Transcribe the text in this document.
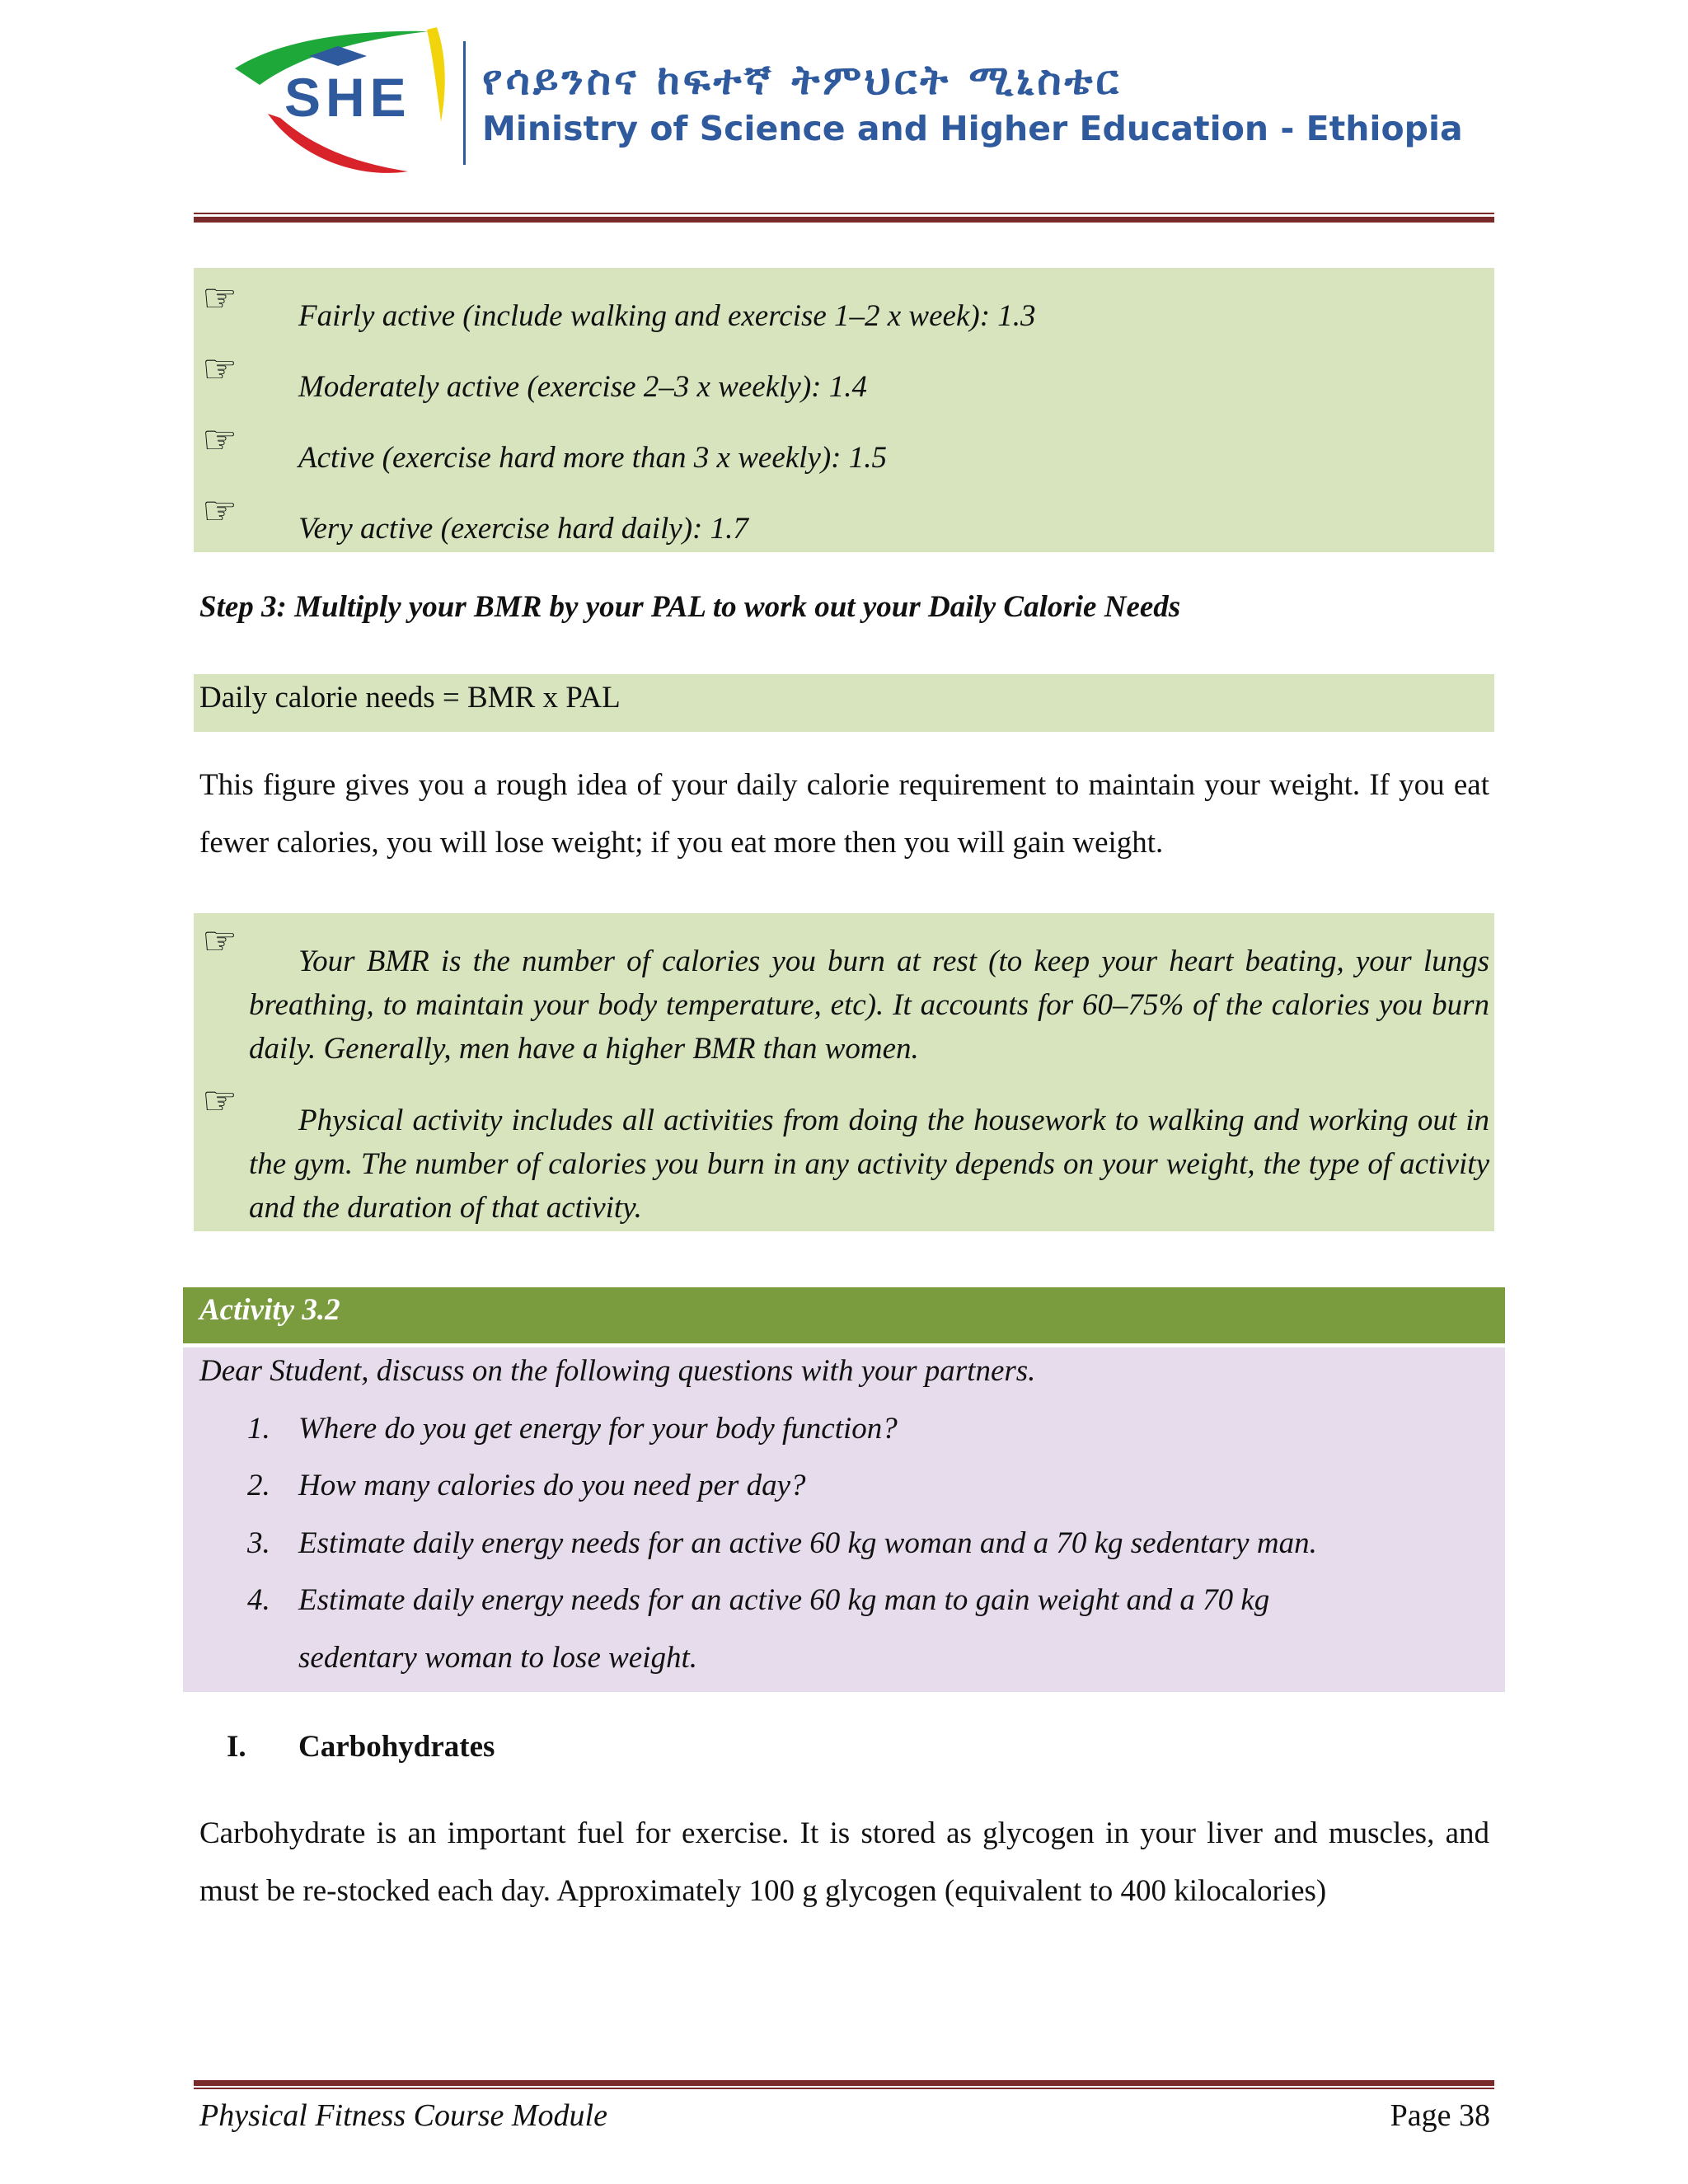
SHE የሳይንስና ከፍተኛ ትምህርት ሚኒስቴር
Ministry of Science and Higher Education - Ethiopia
☞ Fairly active (include walking and exercise 1–2 x week): 1.3
☞ Moderately active (exercise 2–3 x weekly): 1.4
☞ Active (exercise hard more than 3 x weekly): 1.5
☞ Very active (exercise hard daily): 1.7
Step 3: Multiply your BMR by your PAL to work out your Daily Calorie Needs
Daily calorie needs = BMR x PAL
This figure gives you a rough idea of your daily calorie requirement to maintain your weight. If you eat fewer calories, you will lose weight; if you eat more then you will gain weight.
☞	Your BMR is the number of calories you burn at rest (to keep your heart beating, your lungs breathing, to maintain your body temperature, etc). It accounts for 60–75% of the calories you burn daily. Generally, men have a higher BMR than women.
☞	Physical activity includes all activities from doing the housework to walking and working out in the gym. The number of calories you burn in any activity depends on your weight, the type of activity and the duration of that activity.
Activity 3.2
Dear Student, discuss on the following questions with your partners.
1. Where do you get energy for your body function?
2. How many calories do you need per day?
3. Estimate daily energy needs for an active 60 kg woman and a 70 kg sedentary man.
4. Estimate daily energy needs for an active 60 kg man to gain weight and a 70 kg
sedentary woman to lose weight.
I. Carbohydrates
Carbohydrate is an important fuel for exercise. It is stored as glycogen in your liver and muscles, and must be re-stocked each day. Approximately 100 g glycogen (equivalent to 400 kilocalories)
Physical Fitness Course Module	Page 38
